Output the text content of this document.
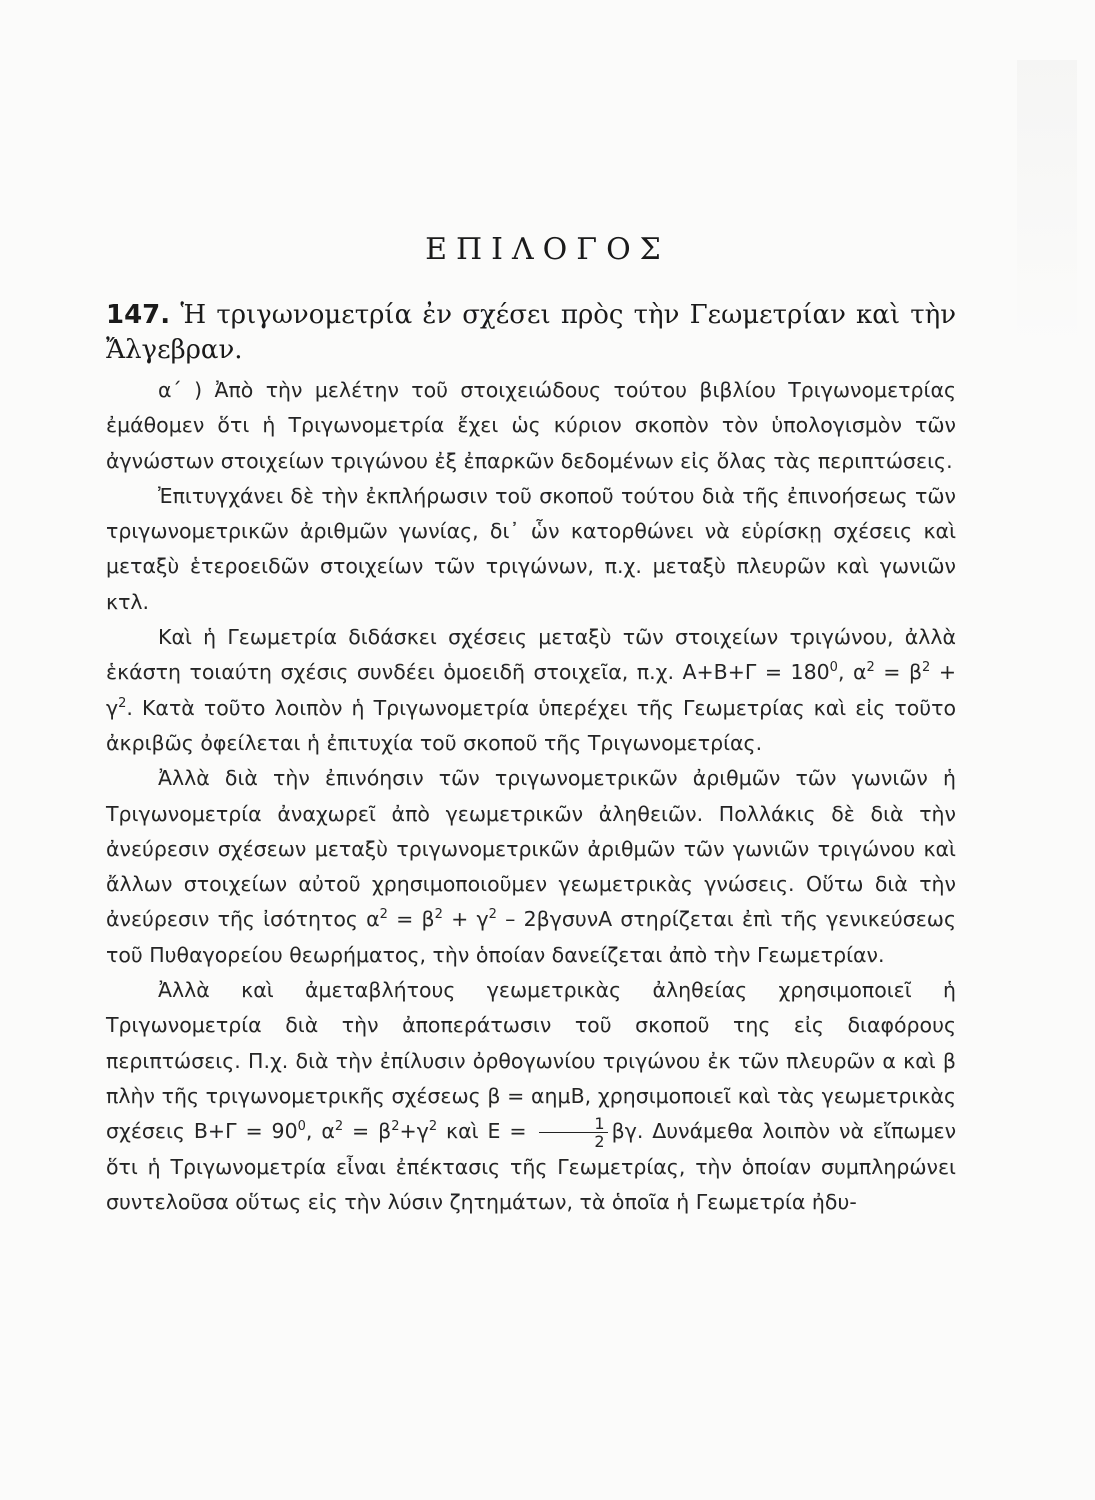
ΕΠΙΛΟΓΟΣ
147. Ἡ τριγωνομετρία ἐν σχέσει πρὸς τὴν Γεωμετρίαν καὶ τὴν Ἄλγεβραν.

α΄ ) Ἀπὸ τὴν μελέτην τοῦ στοιχειώδους τούτου βιβλίου Τριγωνομετρίας ἐμάθομεν ὅτι ἡ Τριγωνομετρία ἔχει ὡς κύριον σκοπὸν τὸν ὑπολογισμὸν τῶν ἀγνώστων στοιχείων τριγώνου ἐξ ἐπαρκῶν δεδομένων εἰς ὅλας τὰς περιπτώσεις.

Ἐπιτυγχάνει δὲ τὴν ἐκπλήρωσιν τοῦ σκοποῦ τούτου διὰ τῆς ἐπινοήσεως τῶν τριγωνομετρικῶν ἀριθμῶν γωνίας, δι᾽ ὧν κατορθώνει νὰ εὑρίσκῃ σχέσεις καὶ μεταξὺ ἑτεροειδῶν στοιχείων τῶν τριγώνων, π.χ. μεταξὺ πλευρῶν καὶ γωνιῶν κτλ.

Καὶ ἡ Γεωμετρία διδάσκει σχέσεις μεταξὺ τῶν στοιχείων τριγώνου, ἀλλὰ ἑκάστη τοιαύτη σχέσις συνδέει ὁμοειδῆ στοιχεῖα, π.χ. $A+B+\Gamma = 180^0$, $\alpha^2 = \beta^2 + \gamma^2$. Κατὰ τοῦτο λοιπὸν ἡ Τριγωνομετρία ὑπερέχει τῆς Γεωμετρίας καὶ εἰς τοῦτο ἀκριβῶς ὀφείλεται ἡ ἐπιτυχία τοῦ σκοποῦ τῆς Τριγωνομετρίας.

Ἀλλὰ διὰ τὴν ἐπινόησιν τῶν τριγωνομετρικῶν ἀριθμῶν τῶν γωνιῶν ἡ Τριγωνομετρία ἀναχωρεῖ ἀπὸ γεωμετρικῶν ἀληθειῶν. Πολλάκις δὲ διὰ τὴν ἀνεύρεσιν σχέσεων μεταξὺ τριγωνομετρικῶν ἀριθμῶν τῶν γωνιῶν τριγώνου καὶ ἄλλων στοιχείων αὐτοῦ χρησιμοποιοῦμεν γεωμετρικὰς γνώσεις. Οὕτω διὰ τὴν ἀνεύρεσιν τῆς ἰσότητος $\alpha^2 = \beta^2 + \gamma^2 - 2\beta\gamma\sigma\upsilon\nu A$ στηρίζεται ἐπὶ τῆς γενικεύσεως τοῦ Πυθαγορείου θεωρήματος, τὴν ὁποίαν δανείζεται ἀπὸ τὴν Γεωμετρίαν.

Ἀλλὰ καὶ ἀμεταβλήτους γεωμετρικὰς ἀληθείας χρησιμοποιεῖ ἡ Τριγωνομετρία διὰ τὴν ἀποπεράτωσιν τοῦ σκοποῦ της εἰς διαφόρους περιπτώσεις. Π.χ. διὰ τὴν ἐπίλυσιν ὀρθογωνίου τριγώνου ἐκ τῶν πλευρῶν α καὶ β πλὴν τῆς τριγωνομετρικῆς σχέσεως β = αημΒ, χρησιμοποιεῖ καὶ τὰς γεωμετρικὰς σχέσεις $B+\Gamma = 90^0$, $\alpha^2 = \beta^2+\gamma^2$ καὶ $E = \frac{1}{2} \beta\gamma$. Δυνάμεθα λοιπὸν νὰ εἴπωμεν ὅτι ἡ Τριγωνομετρία εἶναι ἐπέκτασις τῆς Γεωμετρίας, τὴν ὁποίαν συμπληρώνει συντελοῦσα οὕτως εἰς τὴν λύσιν ζητημάτων, τὰ ὁποῖα ἡ Γεωμετρία ἠδυ-
